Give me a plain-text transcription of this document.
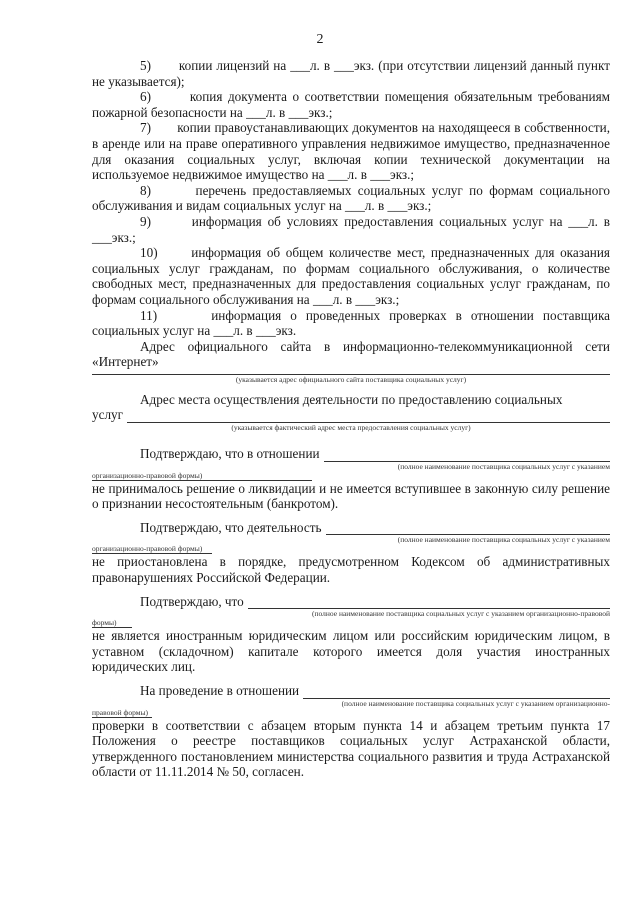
2

5)       копии лицензий на ___л. в ___экз. (при отсутствии лицензий данный пункт не указывается);

6)       копия документа о соответствии помещения обязательным требованиям пожарной безопасности на ___л. в ___экз.;

7)       копии правоустанавливающих документов на находящееся в собственности, в аренде или на праве оперативного управления недвижимое имущество, предназначенное для оказания социальных услуг, включая копии технической документации на используемое недвижимое имущество на ___л. в ___экз.;

8)       перечень предоставляемых социальных услуг по формам социального обслуживания и видам социальных услуг на ___л. в ___экз.;

9)       информация об условиях предоставления социальных услуг на ___л. в ___экз.;

10)      информация об общем количестве мест, предназначенных для оказания социальных услуг гражданам, по формам социального обслуживания, о количестве свободных мест, предназначенных для предоставления социальных услуг гражданам, по формам социального обслуживания на ___л. в ___экз.;

11)      информация о проведенных проверках в отношении поставщика социальных услуг на ___л. в ___экз.

Адрес официального сайта в информационно-телекоммуникационной сети «Интернет»

(указывается адрес официального сайта поставщика социальных услуг)

Адрес места осуществления деятельности по предоставлению социальных

услуг

(указывается фактический адрес места предоставления социальных услуг)

Подтверждаю, что в отношении

(полное наименование поставщика социальных услуг с указанием

организационно-правовой формы)

не принималось решение о ликвидации и не имеется вступившее в законную силу решение о признании несостоятельным (банкротом).

Подтверждаю, что деятельность

(полное наименование поставщика социальных услуг с указанием

организационно-правовой формы)

не приостановлена в порядке, предусмотренном Кодексом об административных правонарушениях Российской Федерации.

Подтверждаю, что

(полное наименование поставщика социальных услуг с указанием организационно-правовой

формы)

не является иностранным юридическим лицом или российским юридическим лицом, в уставном (складочном) капитале которого имеется доля участия иностранных юридических лиц.

На проведение в отношении

(полное наименование поставщика социальных услуг с указанием организационно-

правовой формы)

проверки в соответствии с абзацем вторым пункта 14 и абзацем третьим пункта 17 Положения о реестре поставщиков социальных услуг Астраханской области, утвержденного постановлением министерства социального развития и труда Астраханской области от 11.11.2014 № 50, согласен.
